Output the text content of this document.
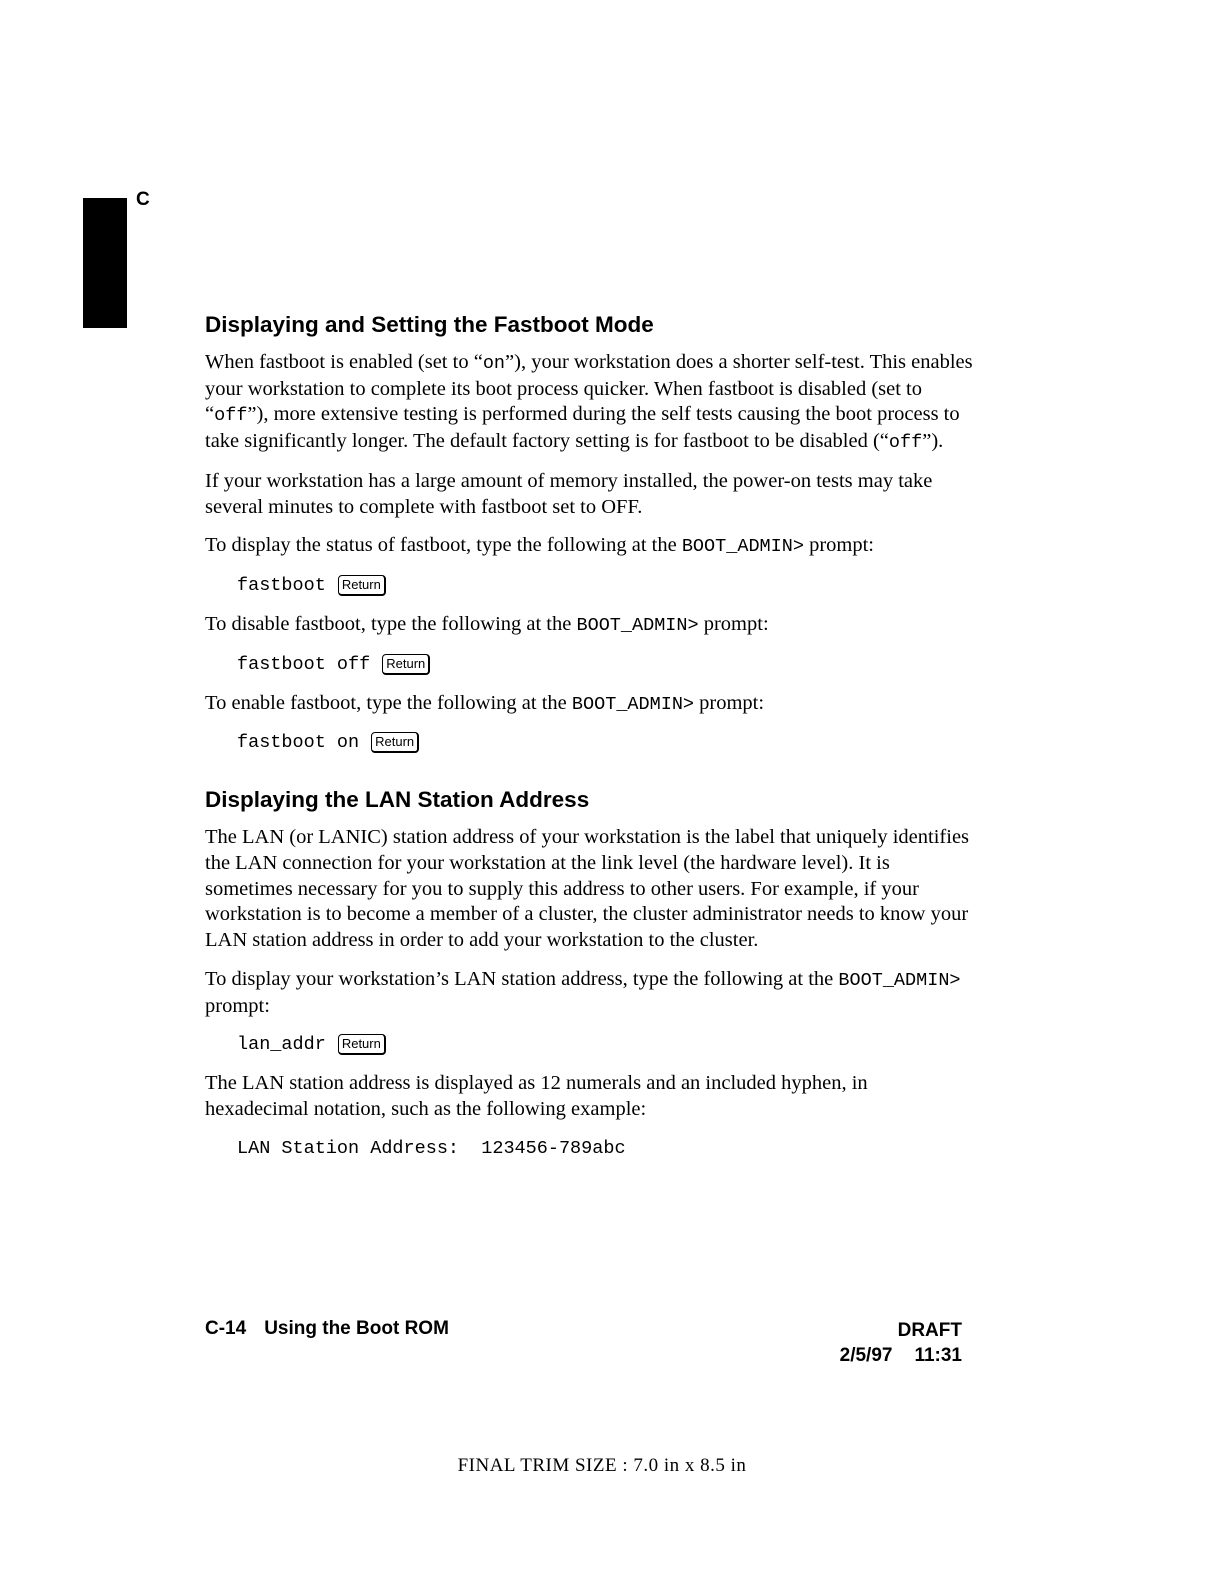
C
Displaying and Setting the Fastboot Mode

When fastboot is enabled (set to “on”), your workstation does a shorter self-test. This enables your workstation to complete its boot process quicker. When fastboot is disabled (set to “off”), more extensive testing is performed during the self tests causing the boot process to take significantly longer. The default factory setting is for fastboot to be disabled (“off”).

If your workstation has a large amount of memory installed, the power-on tests may take several minutes to complete with fastboot set to OFF.

To display the status of fastboot, type the following at the BOOT_ADMIN> prompt:

fastboot Return

To disable fastboot, type the following at the BOOT_ADMIN> prompt:

fastboot off Return

To enable fastboot, type the following at the BOOT_ADMIN> prompt:

fastboot on Return
Displaying the LAN Station Address

The LAN (or LANIC) station address of your workstation is the label that uniquely identifies the LAN connection for your workstation at the link level (the hardware level). It is sometimes necessary for you to supply this address to other users. For example, if your workstation is to become a member of a cluster, the cluster administrator needs to know your LAN station address in order to add your workstation to the cluster.

To display your workstation’s LAN station address, type the following at the BOOT_ADMIN> prompt:

lan_addr Return

The LAN station address is displayed as 12 numerals and an included hyphen, in hexadecimal notation, such as the following example:

LAN Station Address:  123456-789abc
C-14 Using the Boot ROM	DRAFT
2/5/97 11:31
FINAL TRIM SIZE : 7.0 in x 8.5 in
